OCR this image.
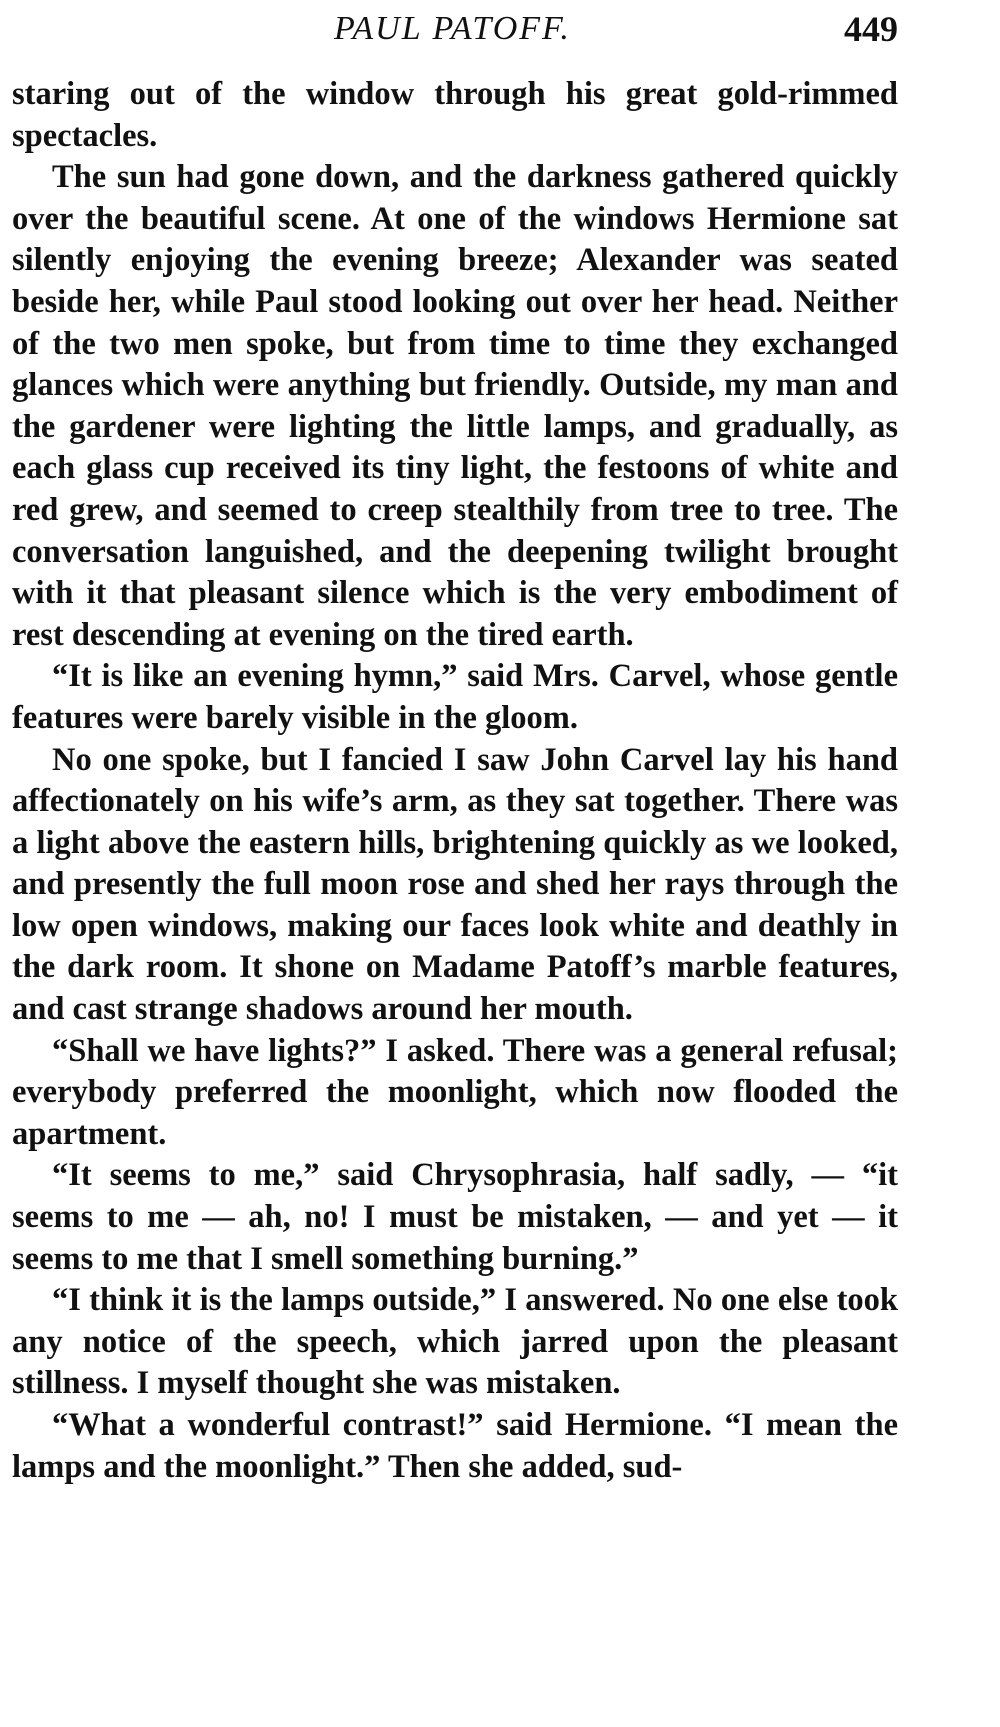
PAUL PATOFF.	449

staring out of the window through his great gold-rimmed spectacles.

The sun had gone down, and the darkness gathered quickly over the beautiful scene. At one of the windows Hermione sat silently enjoying the evening breeze; Alexander was seated beside her, while Paul stood looking out over her head. Neither of the two men spoke, but from time to time they exchanged glances which were anything but friendly. Outside, my man and the gardener were lighting the little lamps, and gradually, as each glass cup received its tiny light, the festoons of white and red grew, and seemed to creep stealthily from tree to tree. The conversation languished, and the deepening twilight brought with it that pleasant silence which is the very embodiment of rest descending at evening on the tired earth.

“It is like an evening hymn,” said Mrs. Carvel, whose gentle features were barely visible in the gloom.

No one spoke, but I fancied I saw John Carvel lay his hand affectionately on his wife’s arm, as they sat together. There was a light above the eastern hills, brightening quickly as we looked, and presently the full moon rose and shed her rays through the low open windows, making our faces look white and deathly in the dark room. It shone on Madame Patoff’s marble features, and cast strange shadows around her mouth.

“Shall we have lights?” I asked. There was a general refusal; everybody preferred the moonlight, which now flooded the apartment.

“It seems to me,” said Chrysophrasia, half sadly, — “it seems to me — ah, no! I must be mistaken, — and yet — it seems to me that I smell something burning.”

“I think it is the lamps outside,” I answered. No one else took any notice of the speech, which jarred upon the pleasant stillness. I myself thought she was mistaken.

“What a wonderful contrast!” said Hermione. “I mean the lamps and the moonlight.” Then she added, sud-
